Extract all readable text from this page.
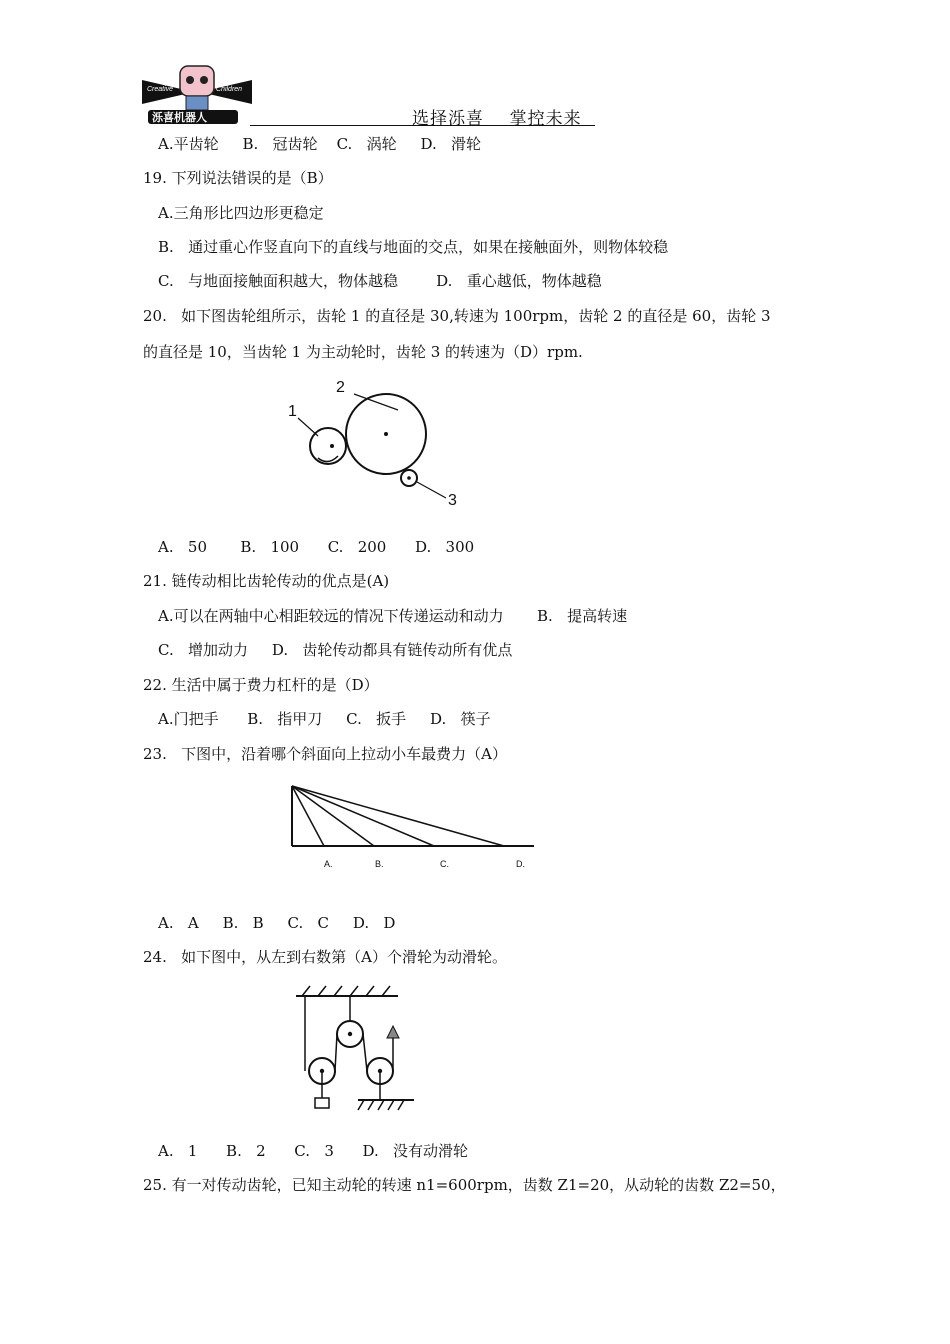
Creative	Children
泺喜机器人	选择泺喜    掌控未来
A.平齿轮     B.   冠齿轮    C.   涡轮     D.   滑轮
19. 下列说法错误的是（B）
A.三角形比四边形更稳定
B.   通过重心作竖直向下的直线与地面的交点，如果在接触面外，则物体较稳
C.   与地面接触面积越大，物体越稳        D.   重心越低，物体越稳
20.   如下图齿轮组所示，齿轮 1 的直径是 30,转速为 100rpm，齿轮 2 的直径是 60，齿轮 3
的直径是 10，当齿轮 1 为主动轮时，齿轮 3 的转速为（D）rpm.
1
2
3
A.   50       B.   100      C.   200      D.   300
21. 链传动相比齿轮传动的优点是(A)
A.可以在两轴中心相距较远的情况下传递运动和动力       B.   提高转速
C.   增加动力     D.   齿轮传动都具有链传动所有优点
22. 生活中属于费力杠杆的是（D）
A.门把手      B.   指甲刀     C.   扳手     D.   筷子
23.   下图中，沿着哪个斜面向上拉动小车最费力（A）
A.	B.	C.	D.
A.   A     B.   B     C.   C     D.   D
24.   如下图中，从左到右数第（A）个滑轮为动滑轮。
A.   1      B.   2      C.   3      D.   没有动滑轮
25. 有一对传动齿轮，已知主动轮的转速 n1=600rpm，齿数 Z1=20，从动轮的齿数 Z2=50，
